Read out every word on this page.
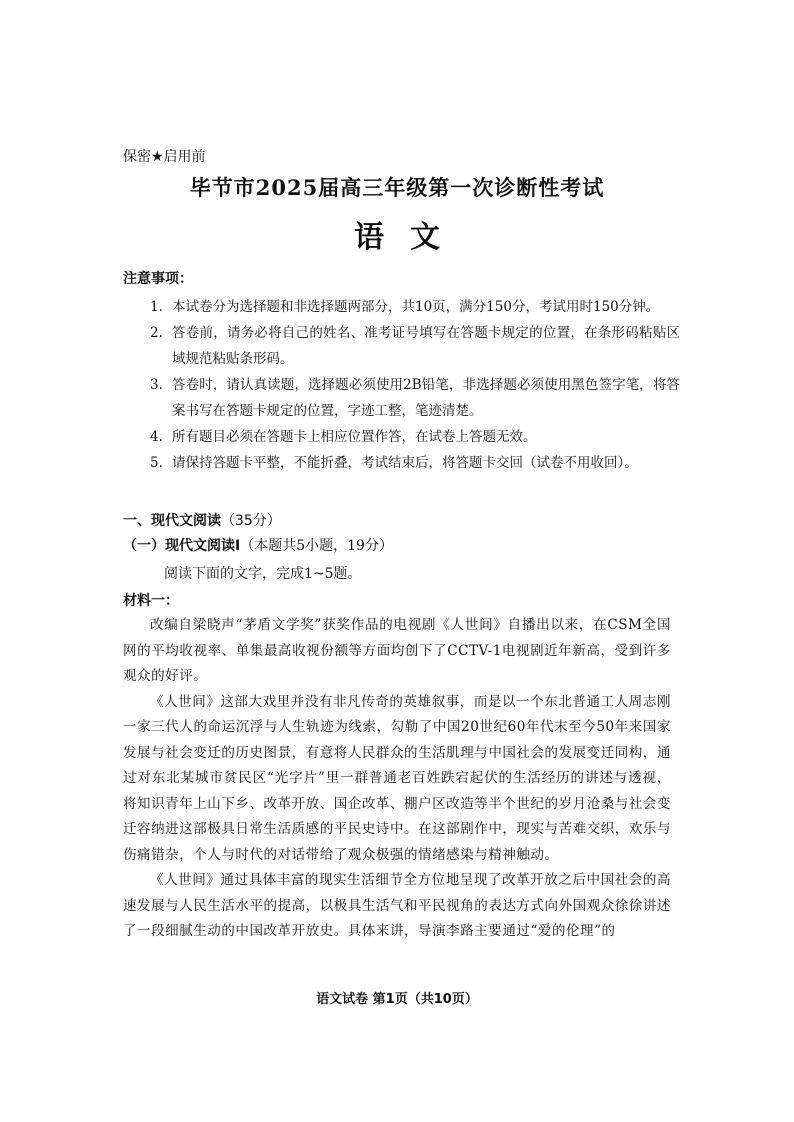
保密★启用前
毕节市2025届高三年级第一次诊断性考试
语文
注意事项：
1. 本试卷分为选择题和非选择题两部分，共10页，满分150分，考试用时150分钟。
2. 答卷前，请务必将自己的姓名、准考证号填写在答题卡规定的位置，在条形码粘贴区域规范粘贴条形码。
3. 答卷时，请认真读题，选择题必须使用2B铅笔，非选择题必须使用黑色签字笔，将答案书写在答题卡规定的位置，字迹工整，笔迹清楚。
4. 所有题目必须在答题卡上相应位置作答，在试卷上答题无效。
5. 请保持答题卡平整，不能折叠，考试结束后，将答题卡交回（试卷不用收回）。
一、现代文阅读（35分）
（一）现代文阅读Ⅰ（本题共5小题，19分）
阅读下面的文字，完成1~5题。
材料一：

改编自梁晓声“茅盾文学奖”获奖作品的电视剧《人世间》自播出以来，在CSM全国网的平均收视率、单集最高收视份额等方面均创下了CCTV-1电视剧近年新高，受到许多观众的好评。

《人世间》这部大戏里并没有非凡传奇的英雄叙事，而是以一个东北普通工人周志刚一家三代人的命运沉浮与人生轨迹为线索，勾勒了中国20世纪60年代末至今50年来国家发展与社会变迁的历史图景，有意将人民群众的生活肌理与中国社会的发展变迁同构，通过对东北某城市贫民区“光字片”里一群普通老百姓跌宕起伏的生活经历的讲述与透视，将知识青年上山下乡、改革开放、国企改革、棚户区改造等半个世纪的岁月沧桑与社会变迁容纳进这部极具日常生活质感的平民史诗中。在这部剧作中，现实与苦难交织，欢乐与伤痛错杂，个人与时代的对话带给了观众极强的情绪感染与精神触动。

《人世间》通过具体丰富的现实生活细节全方位地呈现了改革开放之后中国社会的高速发展与人民生活水平的提高，以极具生活气和平民视角的表达方式向外国观众徐徐讲述了一段细腻生动的中国改革开放史。具体来讲，导演李路主要通过“爱的伦理”的

语文试卷 第1页（共10页）
